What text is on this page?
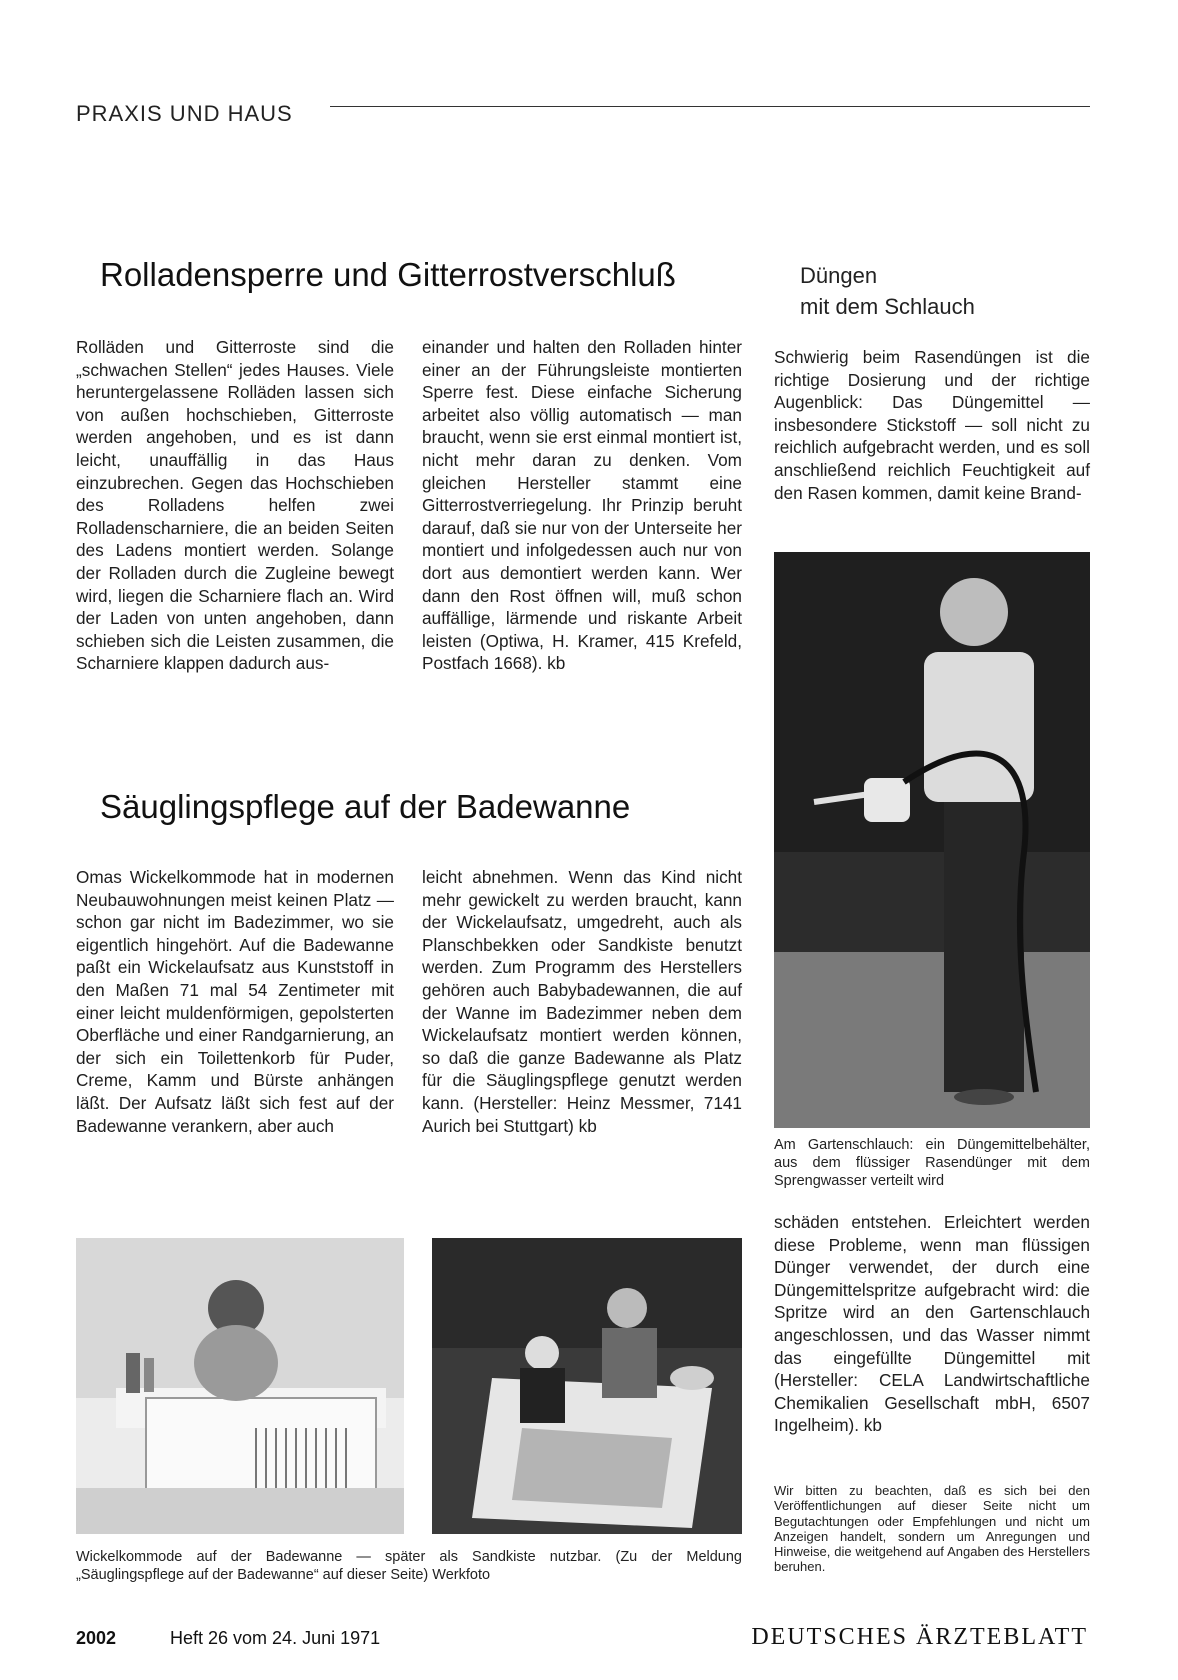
PRAXIS UND HAUS
Rolladensperre und Gitterrostverschluß

Rolläden und Gitterroste sind die „schwachen Stellen“ jedes Hauses. Viele heruntergelassene Rolläden lassen sich von außen hochschieben, Gitterroste werden angehoben, und es ist dann leicht, unauffällig in das Haus einzubrechen. Gegen das Hochschieben des Rolladens helfen zwei Rolladenscharniere, die an beiden Seiten des Ladens montiert werden. Solange der Rolladen durch die Zugleine bewegt wird, liegen die Scharniere flach an. Wird der Laden von unten angehoben, dann schieben sich die Leisten zusammen, die Scharniere klappen dadurch aus-

einander und halten den Rolladen hinter einer an der Führungsleiste montierten Sperre fest. Diese einfache Sicherung arbeitet also völlig automatisch — man braucht, wenn sie erst einmal montiert ist, nicht mehr daran zu denken. Vom gleichen Hersteller stammt eine Gitterrostverriegelung. Ihr Prinzip beruht darauf, daß sie nur von der Unterseite her montiert und infolgedessen auch nur von dort aus demontiert werden kann. Wer dann den Rost öffnen will, muß schon auffällige, lärmende und riskante Arbeit leisten (Optiwa, H. Kramer, 415 Krefeld, Postfach 1668). kb

Säuglingspflege auf der Badewanne

Omas Wickelkommode hat in modernen Neubauwohnungen meist keinen Platz — schon gar nicht im Badezimmer, wo sie eigentlich hingehört. Auf die Badewanne paßt ein Wickelaufsatz aus Kunststoff in den Maßen 71 mal 54 Zentimeter mit einer leicht muldenförmigen, gepolsterten Oberfläche und einer Randgarnierung, an der sich ein Toilettenkorb für Puder, Creme, Kamm und Bürste anhängen läßt. Der Aufsatz läßt sich fest auf der Badewanne verankern, aber auch

leicht abnehmen. Wenn das Kind nicht mehr gewickelt zu werden braucht, kann der Wickelaufsatz, umgedreht, auch als Planschbekken oder Sandkiste benutzt werden. Zum Programm des Herstellers gehören auch Babybadewannen, die auf der Wanne im Badezimmer neben dem Wickelaufsatz montiert werden können, so daß die ganze Badewanne als Platz für die Säuglingspflege genutzt werden kann. (Hersteller: Heinz Messmer, 7141 Aurich bei Stuttgart) kb

Wickelkommode auf der Badewanne — später als Sandkiste nutzbar. (Zu der Meldung „Säuglingspflege auf der Badewanne“ auf dieser Seite) Werkfoto
Düngen
mit dem Schlauch
Schwierig beim Rasendüngen ist die richtige Dosierung und der richtige Augenblick: Das Düngemittel — insbesondere Stickstoff — soll nicht zu reichlich aufgebracht werden, und es soll anschließend reichlich Feuchtigkeit auf den Rasen kommen, damit keine Brand-
Am Gartenschlauch: ein Düngemittelbehälter, aus dem flüssiger Rasendünger mit dem Sprengwasser verteilt wird
schäden entstehen. Erleichtert werden diese Probleme, wenn man flüssigen Dünger verwendet, der durch eine Düngemittelspritze aufgebracht wird: die Spritze wird an den Gartenschlauch angeschlossen, und das Wasser nimmt das eingefüllte Düngemittel mit (Hersteller: CELA Landwirtschaftliche Chemikalien Gesellschaft mbH, 6507 Ingelheim). kb
Wir bitten zu beachten, daß es sich bei den Veröffentlichungen auf dieser Seite nicht um Begutachtungen oder Empfehlungen und nicht um Anzeigen handelt, sondern um Anregungen und Hinweise, die weitgehend auf Angaben des Herstellers beruhen.
2002	Heft 26 vom 24. Juni 1971	DEUTSCHES ÄRZTEBLATT
